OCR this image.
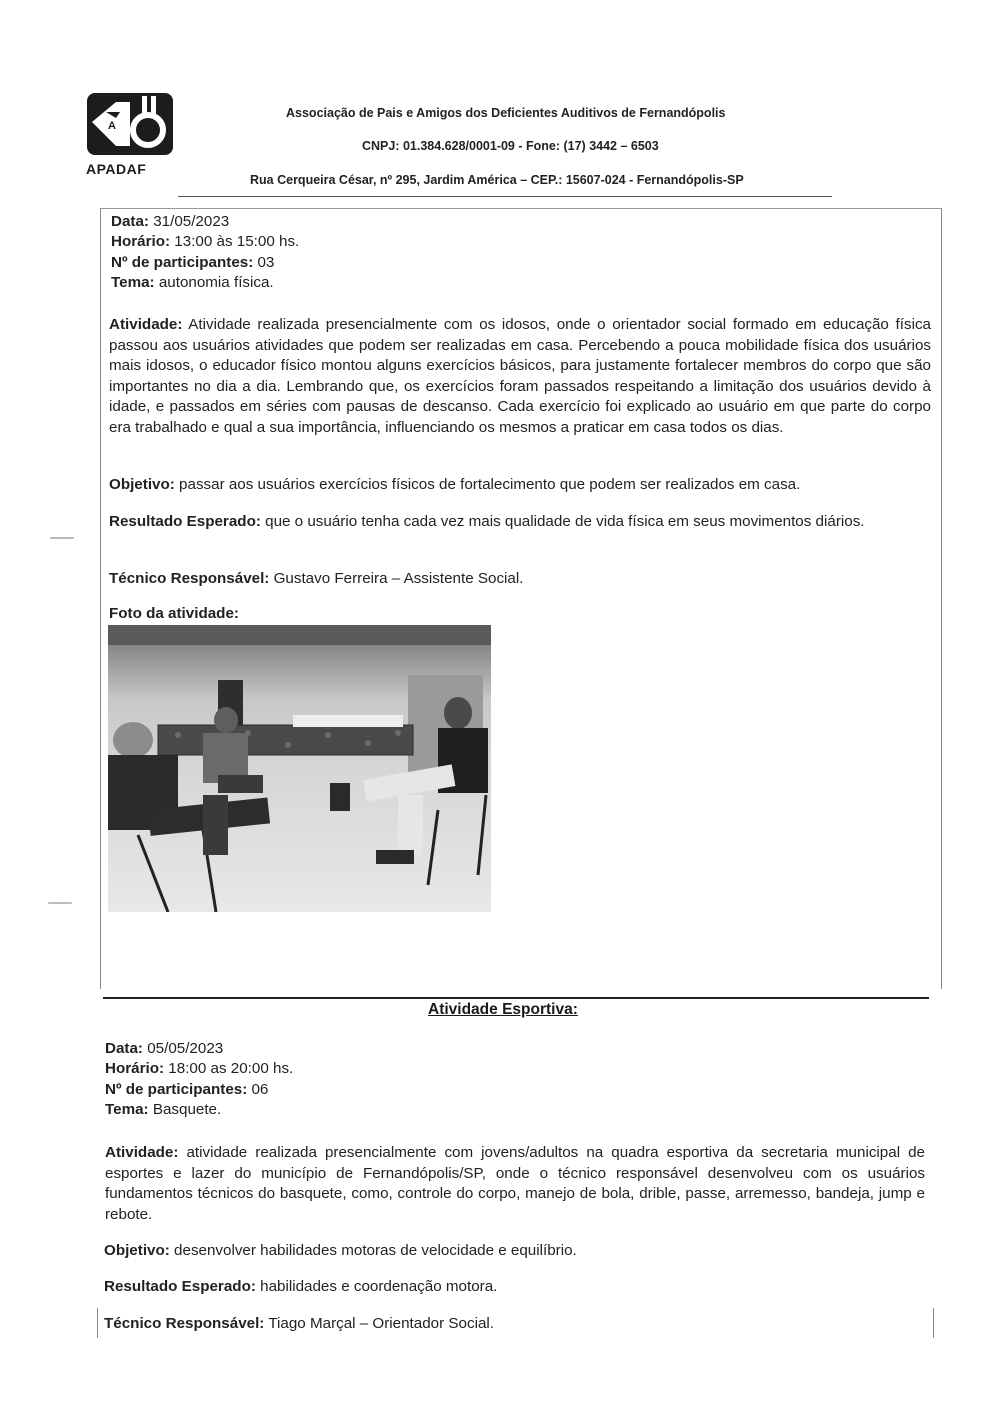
A
APADAF
Associação de Pais e Amigos dos Deficientes Auditivos de Fernandópolis
CNPJ: 01.384.628/0001-09 - Fone: (17) 3442 – 6503
Rua Cerqueira César, nº 295, Jardim América – CEP.: 15607-024 - Fernandópolis-SP
Data: 31/05/2023
Horário: 13:00 às 15:00 hs.
Nº de participantes: 03
Tema: autonomia física.
Atividade: Atividade realizada presencialmente com os idosos, onde o orientador social formado em educação física passou aos usuários atividades que podem ser realizadas em casa. Percebendo a pouca mobilidade física dos usuários mais idosos, o educador físico montou alguns exercícios básicos, para justamente fortalecer membros do corpo que são importantes no dia a dia. Lembrando que, os exercícios foram passados respeitando a limitação dos usuários devido à idade, e passados em séries com pausas de descanso. Cada exercício foi explicado ao usuário em que parte do corpo era trabalhado e qual a sua importância, influenciando os mesmos a praticar em casa todos os dias.
Objetivo: passar aos usuários exercícios físicos de fortalecimento que podem ser realizados em casa.
Resultado Esperado: que o usuário tenha cada vez mais qualidade de vida física em seus movimentos diários.
Técnico Responsável: Gustavo Ferreira – Assistente Social.
Foto da atividade:
Atividade Esportiva:
Data: 05/05/2023
Horário: 18:00 as 20:00 hs.
Nº de participantes: 06
Tema: Basquete.
Atividade: atividade realizada presencialmente com jovens/adultos na quadra esportiva da secretaria municipal de esportes e lazer do município de Fernandópolis/SP, onde o técnico responsável desenvolveu com os usuários fundamentos técnicos do basquete, como, controle do corpo, manejo de bola, drible, passe, arremesso, bandeja, jump e rebote.
Objetivo: desenvolver habilidades motoras de velocidade e equilíbrio.
Resultado Esperado: habilidades e coordenação motora.
Técnico Responsável: Tiago Marçal – Orientador Social.
